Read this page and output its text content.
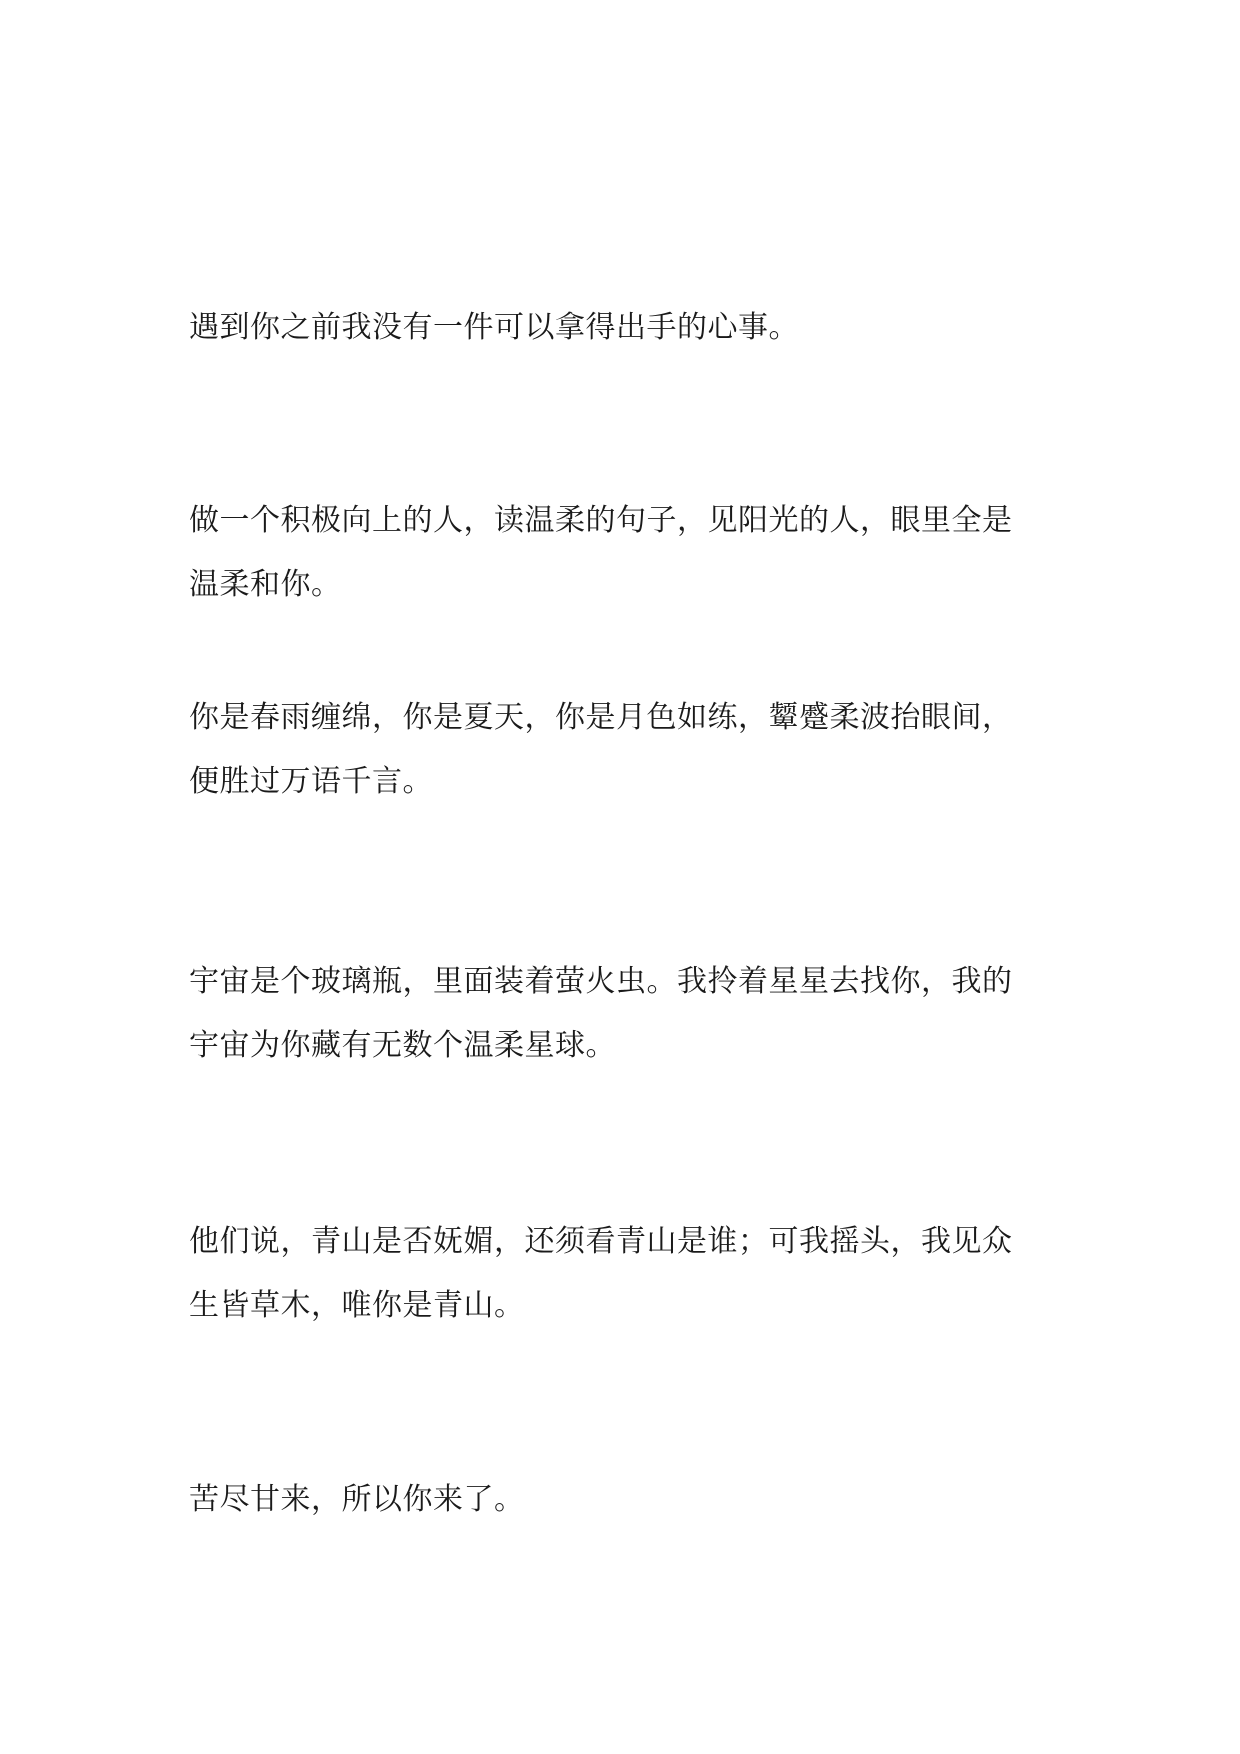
遇到你之前我没有一件可以拿得出手的心事。

做一个积极向上的人，读温柔的句子，见阳光的人，眼里全是
温柔和你。

你是春雨缠绵，你是夏天，你是月色如练，颦蹙柔波抬眼间，
便胜过万语千言。

宇宙是个玻璃瓶，里面装着萤火虫。我拎着星星去找你，我的
宇宙为你藏有无数个温柔星球。

他们说，青山是否妩媚，还须看青山是谁；可我摇头，我见众
生皆草木，唯你是青山。

苦尽甘来，所以你来了。
